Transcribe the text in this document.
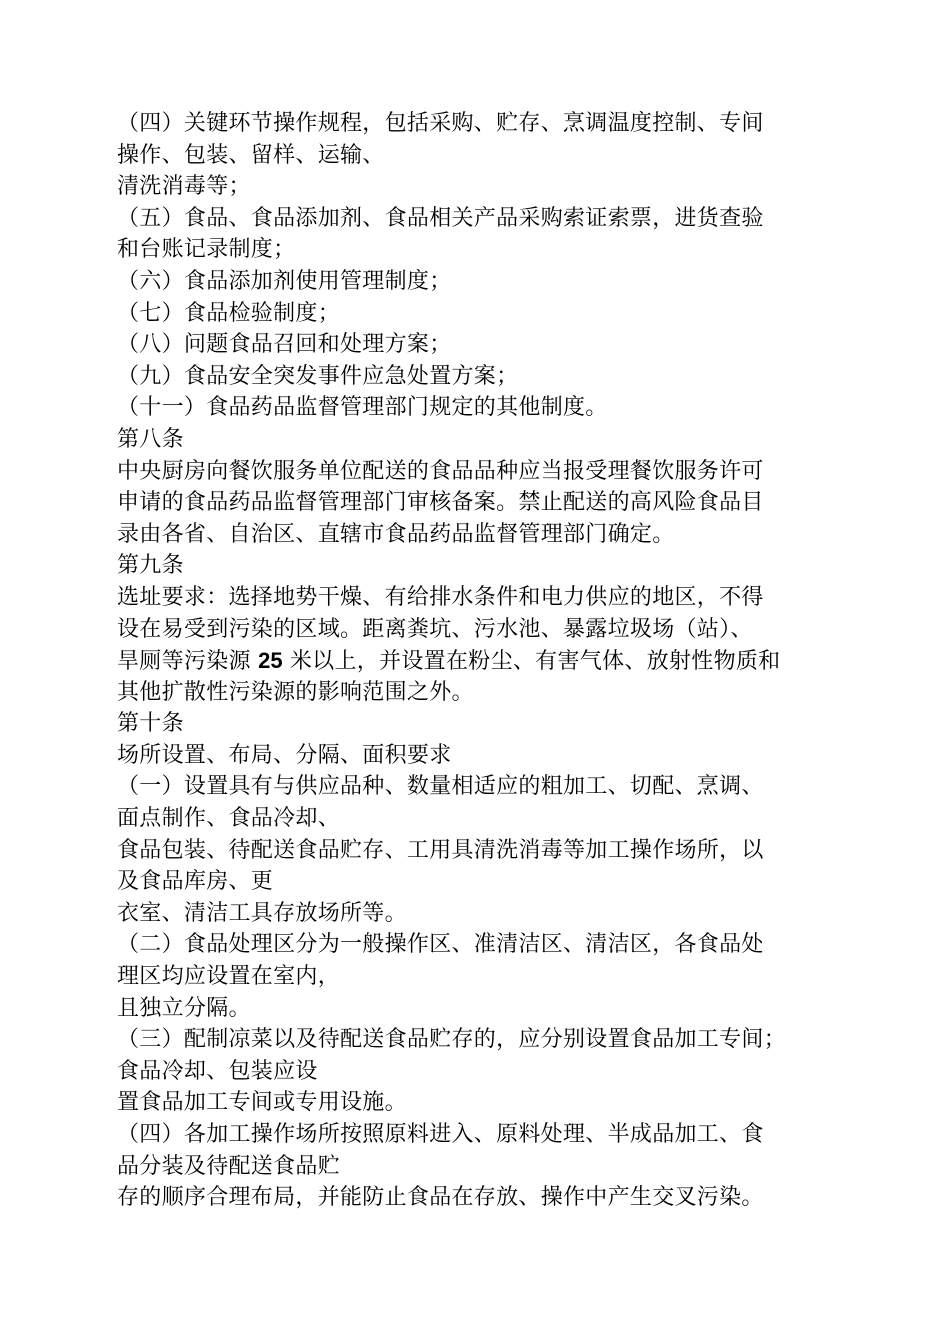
（四）关键环节操作规程，包括采购、贮存、烹调温度控制、专间
操作、包装、留样、运输、
清洗消毒等；
（五）食品、食品添加剂、食品相关产品采购索证索票，进货查验
和台账记录制度；
（六）食品添加剂使用管理制度；
（七）食品检验制度；
（八）问题食品召回和处理方案；
（九）食品安全突发事件应急处置方案；
（十一）食品药品监督管理部门规定的其他制度。
第八条
中央厨房向餐饮服务单位配送的食品品种应当报受理餐饮服务许可
申请的食品药品监督管理部门审核备案。禁止配送的高风险食品目
录由各省、自治区、直辖市食品药品监督管理部门确定。
第九条
选址要求：选择地势干燥、有给排水条件和电力供应的地区，不得
设在易受到污染的区域。距离粪坑、污水池、暴露垃圾场（站）、
旱厕等污染源 25 米以上，并设置在粉尘、有害气体、放射性物质和
其他扩散性污染源的影响范围之外。
第十条
场所设置、布局、分隔、面积要求
（一）设置具有与供应品种、数量相适应的粗加工、切配、烹调、
面点制作、食品冷却、
食品包装、待配送食品贮存、工用具清洗消毒等加工操作场所，以
及食品库房、更
衣室、清洁工具存放场所等。
（二）食品处理区分为一般操作区、准清洁区、清洁区，各食品处
理区均应设置在室内，
且独立分隔。
（三）配制凉菜以及待配送食品贮存的，应分别设置食品加工专间；
食品冷却、包装应设
置食品加工专间或专用设施。
（四）各加工操作场所按照原料进入、原料处理、半成品加工、食
品分装及待配送食品贮
存的顺序合理布局，并能防止食品在存放、操作中产生交叉污染。
